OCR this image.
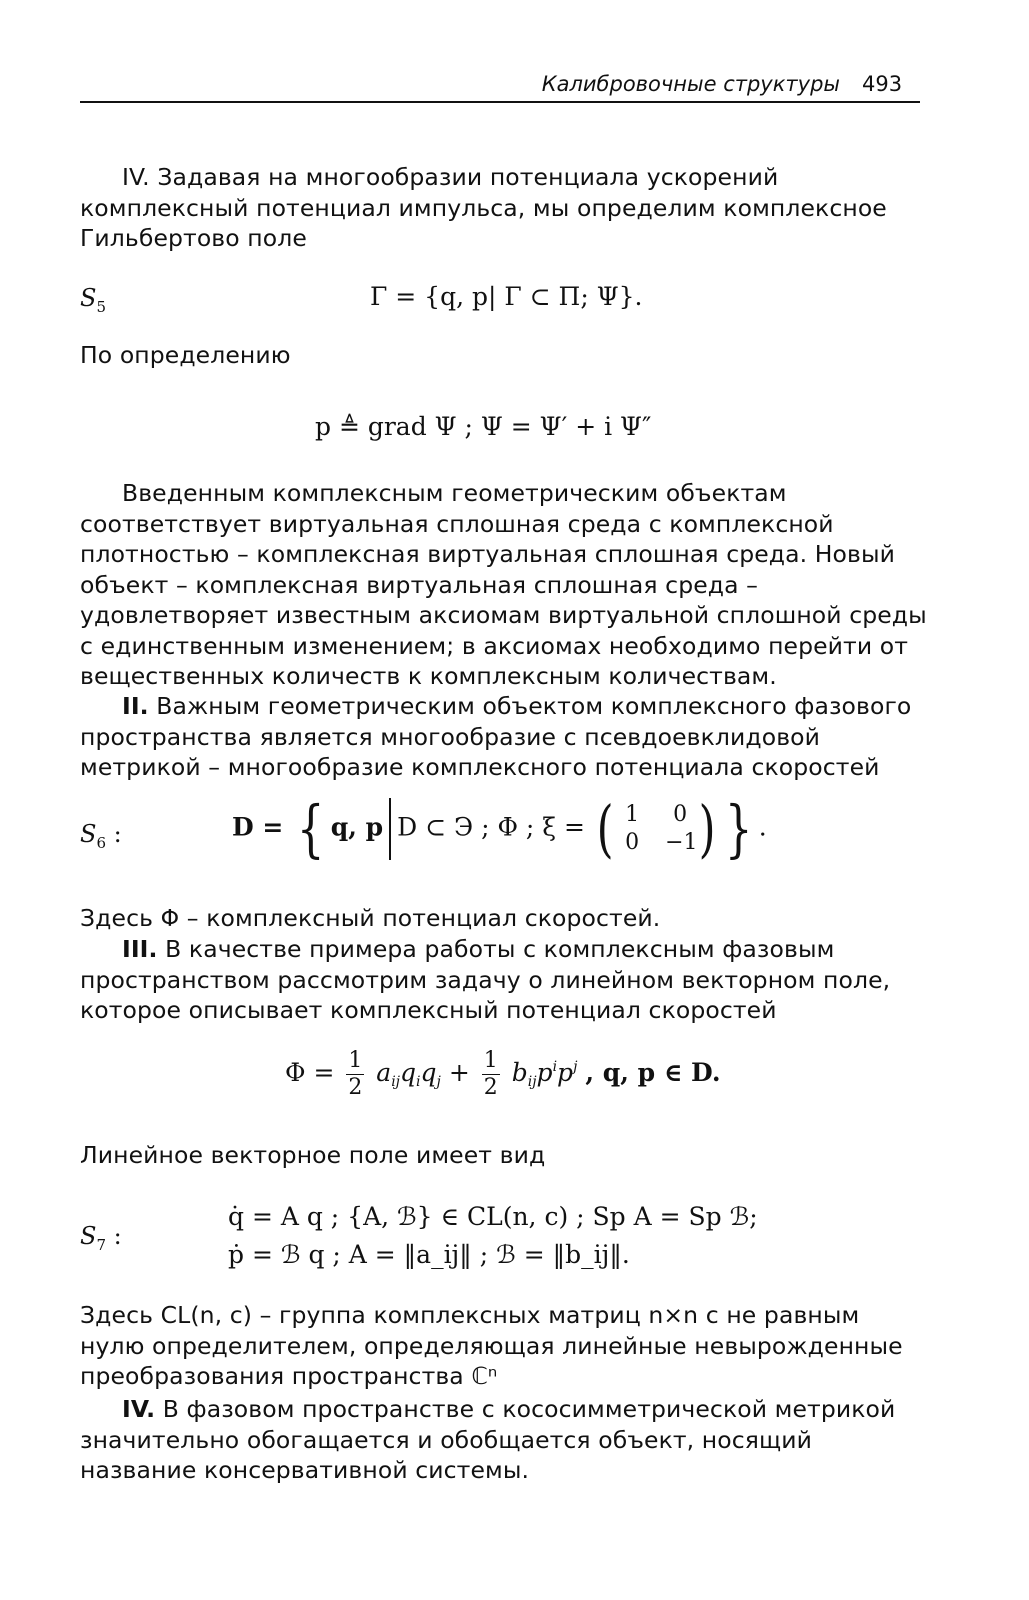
Калибровочные структуры 493
IV. Задавая на многообразии потенциала ускорений комплексный потенциал импульса, мы определим комплексное Гильбертово поле
$S_5$	Γ = {q, p| Γ ⊂ Π; Ψ}.
По определению
p ≜ grad Ψ ; Ψ = Ψ′ + i Ψ″
Введенным комплексным геометрическим объектам соответствует виртуальная сплошная среда с комплексной плотностью – комплексная виртуальная сплошная среда. Новый объект – комплексная виртуальная сплошная среда – удовлетворяет известным аксиомам виртуальной сплошной среды с единственным изменением; в аксиомах необходимо перейти от вещественных количеств к комплексным количествам.
II. Важным геометрическим объектом комплексного фазового пространства является многообразие с псевдоевклидовой метрикой – многообразие комплексного потенциала скоростей
$S_6$ :	D = { q, p D ⊂ Э ; Φ ; ξ = ( 1	0
0	−1 ) } .
Здесь Φ – комплексный потенциал скоростей.
III. В качестве примера работы с комплексным фазовым пространством рассмотрим задачу о линейном векторном поле, которое описывает комплексный потенциал скоростей
$\Phi = \frac{1}{2} a_{ij}q_iq_j + \frac{1}{2} b_{ij}p^ip^j$ , q, p ∈ D.
Линейное векторное поле имеет вид
$S_7$ :
q̇ = A q ; {A, ℬ} ∈ CL(n, c) ; Sp A = Sp ℬ;
ṗ = ℬ q ; A = ‖a_ij‖ ; ℬ = ‖b_ij‖.
Здесь CL(n, c) – группа комплексных матриц n×n с не равным нулю определителем, определяющая линейные невырожденные преобразования пространства ℂⁿ
IV. В фазовом пространстве с кососимметрической метрикой значительно обогащается и обобщается объект, носящий название консервативной системы.
